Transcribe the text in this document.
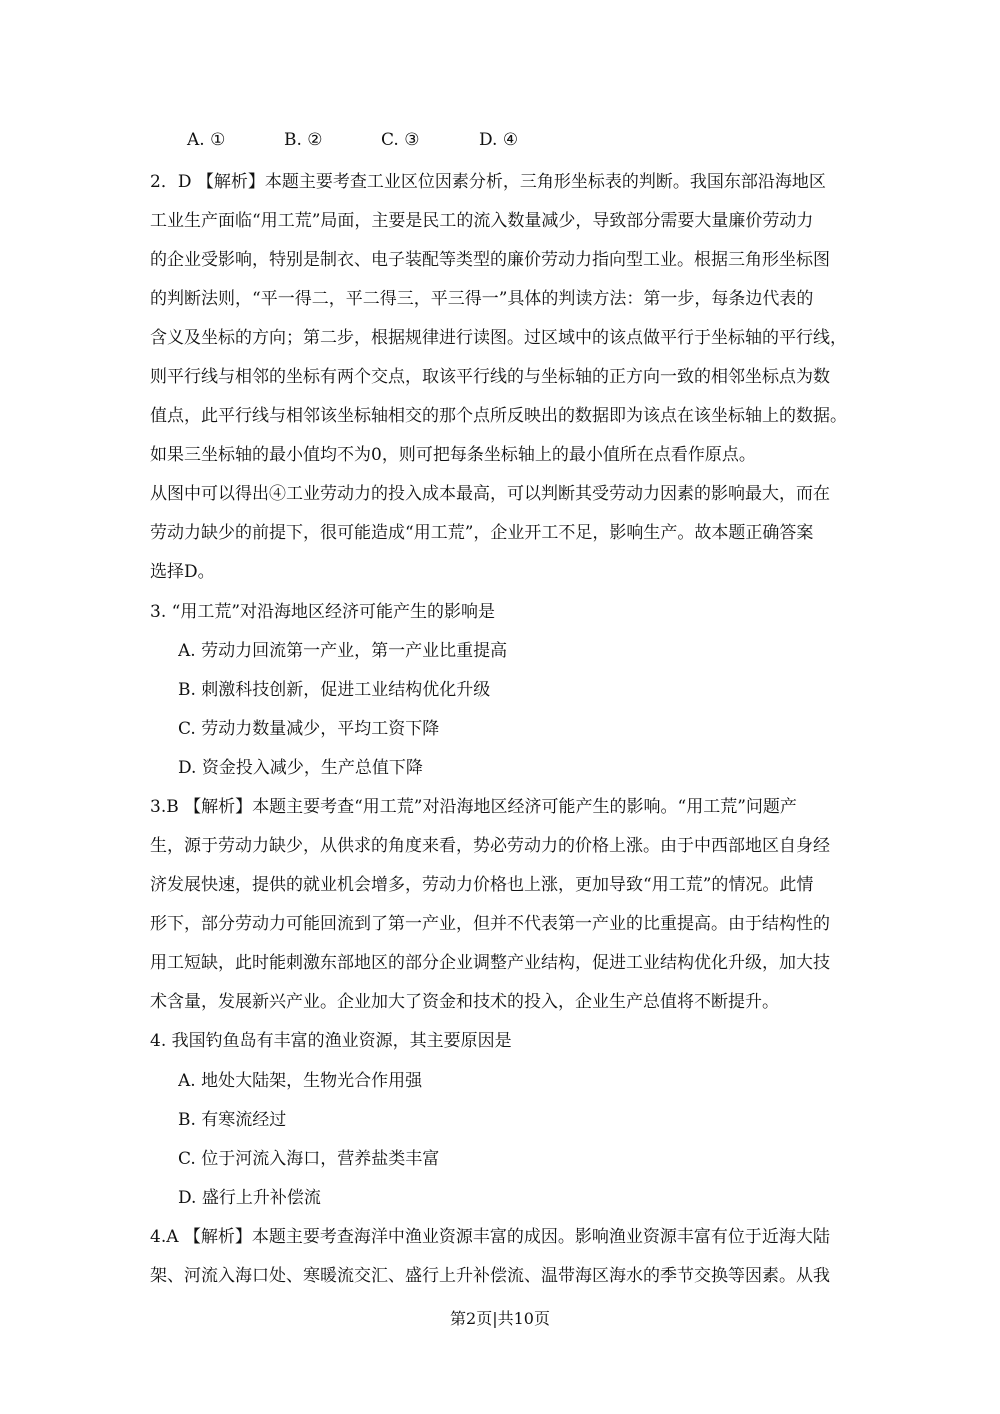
A. ①	B. ②	C. ③	D. ④
2．D 【解析】本题主要考查工业区位因素分析，三角形坐标表的判断。我国东部沿海地区
工业生产面临“用工荒”局面，主要是民工的流入数量减少，导致部分需要大量廉价劳动力
的企业受影响，特别是制衣、电子装配等类型的廉价劳动力指向型工业。根据三角形坐标图
的判断法则，“平一得二，平二得三，平三得一”具体的判读方法：第一步，每条边代表的
含义及坐标的方向；第二步，根据规律进行读图。过区域中的该点做平行于坐标轴的平行线，
则平行线与相邻的坐标有两个交点，取该平行线的与坐标轴的正方向一致的相邻坐标点为数
值点，此平行线与相邻该坐标轴相交的那个点所反映出的数据即为该点在该坐标轴上的数据。
如果三坐标轴的最小值均不为0，则可把每条坐标轴上的最小值所在点看作原点。
从图中可以得出④工业劳动力的投入成本最高，可以判断其受劳动力因素的影响最大，而在
劳动力缺少的前提下，很可能造成“用工荒”，企业开工不足，影响生产。故本题正确答案
选择D。
3. “用工荒”对沿海地区经济可能产生的影响是
A. 劳动力回流第一产业，第一产业比重提高
B. 刺激科技创新，促进工业结构优化升级
C. 劳动力数量减少，平均工资下降
D. 资金投入减少，生产总值下降
3.B 【解析】本题主要考查“用工荒”对沿海地区经济可能产生的影响。“用工荒”问题产
生，源于劳动力缺少，从供求的角度来看，势必劳动力的价格上涨。由于中西部地区自身经
济发展快速，提供的就业机会增多，劳动力价格也上涨，更加导致“用工荒”的情况。此情
形下，部分劳动力可能回流到了第一产业，但并不代表第一产业的比重提高。由于结构性的
用工短缺，此时能刺激东部地区的部分企业调整产业结构，促进工业结构优化升级，加大技
术含量，发展新兴产业。企业加大了资金和技术的投入，企业生产总值将不断提升。
4. 我国钓鱼岛有丰富的渔业资源，其主要原因是
A. 地处大陆架，生物光合作用强
B. 有寒流经过
C. 位于河流入海口，营养盐类丰富
D. 盛行上升补偿流
4.A 【解析】本题主要考查海洋中渔业资源丰富的成因。影响渔业资源丰富有位于近海大陆
架、河流入海口处、寒暖流交汇、盛行上升补偿流、温带海区海水的季节交换等因素。从我
第2页|共10页
